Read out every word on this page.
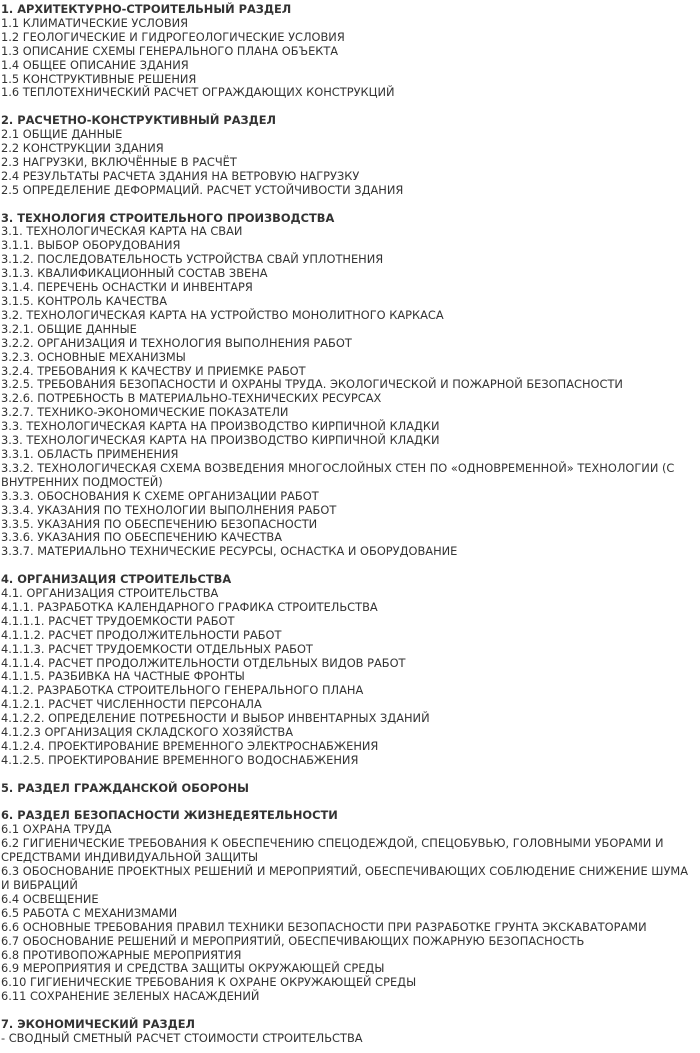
1. АРХИТЕКТУРНО-СТРОИТЕЛЬНЫЙ РАЗДЕЛ
1.1 КЛИМАТИЧЕСКИЕ УСЛОВИЯ
1.2 ГЕОЛОГИЧЕСКИЕ И ГИДРОГЕОЛОГИЧЕСКИЕ УСЛОВИЯ
1.3 ОПИСАНИЕ СХЕМЫ ГЕНЕРАЛЬНОГО ПЛАНА ОБЪЕКТА
1.4 ОБЩЕЕ ОПИСАНИЕ ЗДАНИЯ
1.5 КОНСТРУКТИВНЫЕ РЕШЕНИЯ
1.6 ТЕПЛОТЕХНИЧЕСКИЙ РАСЧЕТ ОГРАЖДАЮЩИХ КОНСТРУКЦИЙ
2. РАСЧЕТНО-КОНСТРУКТИВНЫЙ РАЗДЕЛ
2.1 ОБЩИЕ ДАННЫЕ
2.2 КОНСТРУКЦИИ ЗДАНИЯ
2.3 НАГРУЗКИ, ВКЛЮЧЁННЫЕ В РАСЧЁТ
2.4 РЕЗУЛЬТАТЫ РАСЧЕТА ЗДАНИЯ НА ВЕТРОВУЮ НАГРУЗКУ
2.5 ОПРЕДЕЛЕНИЕ ДЕФОРМАЦИЙ. РАСЧЕТ УСТОЙЧИВОСТИ ЗДАНИЯ
3. ТЕХНОЛОГИЯ СТРОИТЕЛЬНОГО ПРОИЗВОДСТВА
3.1. ТЕХНОЛОГИЧЕСКАЯ КАРТА НА СВАИ
3.1.1. ВЫБОР ОБОРУДОВАНИЯ
3.1.2. ПОСЛЕДОВАТЕЛЬНОСТЬ УСТРОЙСТВА СВАЙ УПЛОТНЕНИЯ
3.1.3. КВАЛИФИКАЦИОННЫЙ СОСТАВ ЗВЕНА
3.1.4. ПЕРЕЧЕНЬ ОСНАСТКИ И ИНВЕНТАРЯ
3.1.5. КОНТРОЛЬ КАЧЕСТВА
3.2. ТЕХНОЛОГИЧЕСКАЯ КАРТА НА УСТРОЙСТВО МОНОЛИТНОГО КАРКАСА
3.2.1. ОБЩИЕ ДАННЫЕ
3.2.2. ОРГАНИЗАЦИЯ И ТЕХНОЛОГИЯ ВЫПОЛНЕНИЯ РАБОТ
3.2.3. ОСНОВНЫЕ МЕХАНИЗМЫ
3.2.4. ТРЕБОВАНИЯ К КАЧЕСТВУ И ПРИЕМКЕ РАБОТ
3.2.5. ТРЕБОВАНИЯ БЕЗОПАСНОСТИ И ОХРАНЫ ТРУДА. ЭКОЛОГИЧЕСКОЙ И ПОЖАРНОЙ БЕЗОПАСНОСТИ
3.2.6. ПОТРЕБНОСТЬ В МАТЕРИАЛЬНО-ТЕХНИЧЕСКИХ РЕСУРСАХ
3.2.7. ТЕХНИКО-ЭКОНОМИЧЕСКИЕ ПОКАЗАТЕЛИ
3.3. ТЕХНОЛОГИЧЕСКАЯ КАРТА НА ПРОИЗВОДСТВО КИРПИЧНОЙ КЛАДКИ
3.3. ТЕХНОЛОГИЧЕСКАЯ КАРТА НА ПРОИЗВОДСТВО КИРПИЧНОЙ КЛАДКИ
3.3.1. ОБЛАСТЬ ПРИМЕНЕНИЯ
3.3.2. ТЕХНОЛОГИЧЕСКАЯ СХЕМА ВОЗВЕДЕНИЯ МНОГОСЛОЙНЫХ СТЕН ПО «ОДНОВРЕМЕННОЙ» ТЕХНОЛОГИИ (С ВНУТРЕННИХ ПОДМОСТЕЙ)
3.3.3. ОБОСНОВАНИЯ К СХЕМЕ ОРГАНИЗАЦИИ РАБОТ
3.3.4. УКАЗАНИЯ ПО ТЕХНОЛОГИИ ВЫПОЛНЕНИЯ РАБОТ
3.3.5. УКАЗАНИЯ ПО ОБЕСПЕЧЕНИЮ БЕЗОПАСНОСТИ
3.3.6. УКАЗАНИЯ ПО ОБЕСПЕЧЕНИЮ КАЧЕСТВА
3.3.7. МАТЕРИАЛЬНО ТЕХНИЧЕСКИЕ РЕСУРСЫ, ОСНАСТКА И ОБОРУДОВАНИЕ
4. ОРГАНИЗАЦИЯ СТРОИТЕЛЬСТВА
4.1. ОРГАНИЗАЦИЯ СТРОИТЕЛЬСТВА
4.1.1. РАЗРАБОТКА КАЛЕНДАРНОГО ГРАФИКА СТРОИТЕЛЬСТВА
4.1.1.1. РАСЧЕТ ТРУДОЕМКОСТИ РАБОТ
4.1.1.2. РАСЧЕТ ПРОДОЛЖИТЕЛЬНОСТИ РАБОТ
4.1.1.3. РАСЧЕТ ТРУДОЕМКОСТИ ОТДЕЛЬНЫХ РАБОТ
4.1.1.4. РАСЧЕТ ПРОДОЛЖИТЕЛЬНОСТИ ОТДЕЛЬНЫХ ВИДОВ РАБОТ
4.1.1.5. РАЗБИВКА НА ЧАСТНЫЕ ФРОНТЫ
4.1.2. РАЗРАБОТКА СТРОИТЕЛЬНОГО ГЕНЕРАЛЬНОГО ПЛАНА
4.1.2.1. РАСЧЕТ ЧИСЛЕННОСТИ ПЕРСОНАЛА
4.1.2.2. ОПРЕДЕЛЕНИЕ ПОТРЕБНОСТИ И ВЫБОР ИНВЕНТАРНЫХ ЗДАНИЙ
4.1.2.3 ОРГАНИЗАЦИЯ СКЛАДСКОГО ХОЗЯЙСТВА
4.1.2.4. ПРОЕКТИРОВАНИЕ ВРЕМЕННОГО ЭЛЕКТРОСНАБЖЕНИЯ
4.1.2.5. ПРОЕКТИРОВАНИЕ ВРЕМЕННОГО ВОДОСНАБЖЕНИЯ
5. РАЗДЕЛ ГРАЖДАНСКОЙ ОБОРОНЫ
6. РАЗДЕЛ БЕЗОПАСНОСТИ ЖИЗНЕДЕЯТЕЛЬНОСТИ
6.1 ОХРАНА ТРУДА
6.2 ГИГИЕНИЧЕСКИЕ ТРЕБОВАНИЯ К ОБЕСПЕЧЕНИЮ СПЕЦОДЕЖДОЙ, СПЕЦОБУВЬЮ, ГОЛОВНЫМИ УБОРАМИ И СРЕДСТВАМИ ИНДИВИДУАЛЬНОЙ ЗАЩИТЫ
6.3 ОБОСНОВАНИЕ ПРОЕКТНЫХ РЕШЕНИЙ И МЕРОПРИЯТИЙ, ОБЕСПЕЧИВАЮЩИХ СОБЛЮДЕНИЕ СНИЖЕНИЕ ШУМА И ВИБРАЦИЙ
6.4 ОСВЕЩЕНИЕ
6.5 РАБОТА С МЕХАНИЗМАМИ
6.6 ОСНОВНЫЕ ТРЕБОВАНИЯ ПРАВИЛ ТЕХНИКИ БЕЗОПАСНОСТИ ПРИ РАЗРАБОТКЕ ГРУНТА ЭКСКАВАТОРАМИ
6.7 ОБОСНОВАНИЕ РЕШЕНИЙ И МЕРОПРИЯТИЙ, ОБЕСПЕЧИВАЮЩИХ ПОЖАРНУЮ БЕЗОПАСНОСТЬ
6.8 ПРОТИВОПОЖАРНЫЕ МЕРОПРИЯТИЯ
6.9 МЕРОПРИЯТИЯ И СРЕДСТВА ЗАЩИТЫ ОКРУЖАЮЩЕЙ СРЕДЫ
6.10 ГИГИЕНИЧЕСКИЕ ТРЕБОВАНИЯ К ОХРАНЕ ОКРУЖАЮЩЕЙ СРЕДЫ
6.11 СОХРАНЕНИЕ ЗЕЛЕНЫХ НАСАЖДЕНИЙ
7. ЭКОНОМИЧЕСКИЙ РАЗДЕЛ
- СВОДНЫЙ СМЕТНЫЙ РАСЧЕТ СТОИМОСТИ СТРОИТЕЛЬСТВА
